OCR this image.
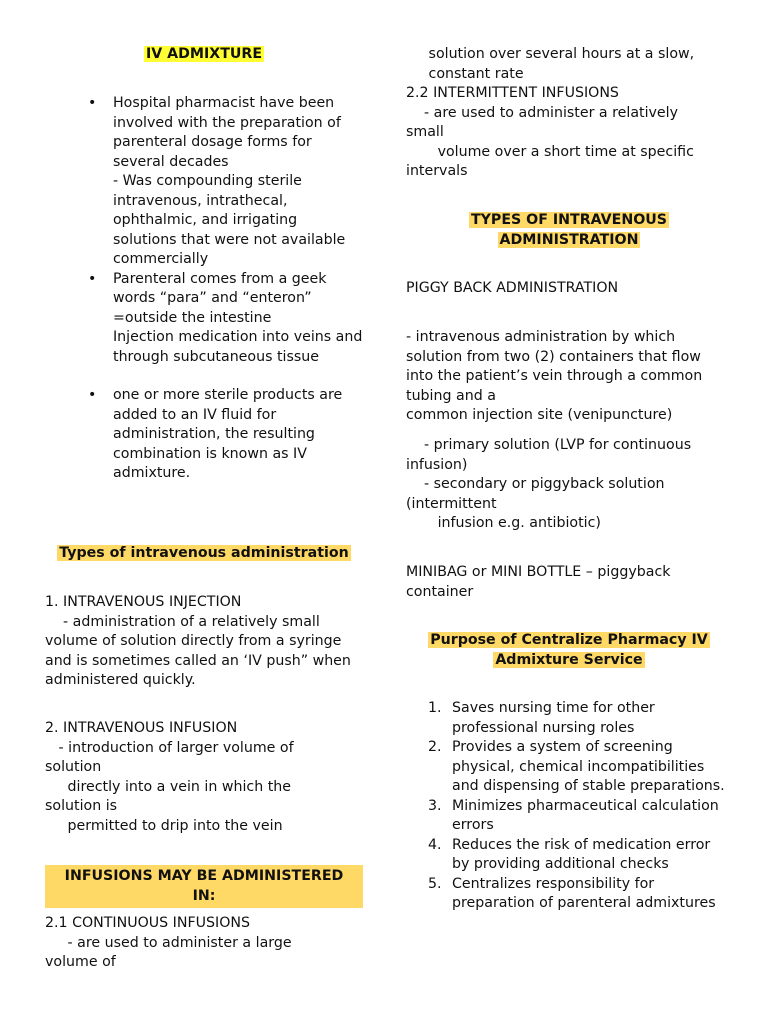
IV ADMIXTURE
• Hospital pharmacist have been involved with the preparation of parenteral dosage forms for several decades
- Was compounding sterile intravenous, intrathecal, ophthalmic, and irrigating solutions that were not available commercially
• Parenteral comes from a geek words “para” and “enteron” =outside the intestine
Injection medication into veins and through subcutaneous tissue
• one or more sterile products are added to an IV fluid for administration, the resulting combination is known as IV admixture.
Types of intravenous administration
1. INTRAVENOUS INJECTION
- administration of a relatively small volume of solution directly from a syringe and is sometimes called an ‘IV push” when     administered quickly.
2. INTRAVENOUS INFUSION
- introduction of larger volume of
solution
directly into a vein in which the
solution is
permitted to drip into the vein
INFUSIONS MAY BE ADMINISTERED IN:
2.1 CONTINUOUS INFUSIONS
- are used to administer a large
volume of
solution over several hours at a slow,
constant rate
2.2 INTERMITTENT INFUSIONS
- are used to administer a relatively
small
volume over a short time at specific
intervals
TYPES OF INTRAVENOUS
ADMINISTRATION
PIGGY BACK ADMINISTRATION
- intravenous administration by which solution from two (2) containers that flow into the patient’s vein through a common tubing and a
common injection site (venipuncture)
- primary solution (LVP for continuous
infusion)
- secondary or piggyback solution
(intermittent
infusion e.g. antibiotic)
MINIBAG or MINI BOTTLE – piggyback container
Purpose of Centralize Pharmacy IV
Admixture Service
1. Saves nursing time for other professional nursing roles
2. Provides a system of screening physical, chemical incompatibilities and dispensing of stable preparations.
3. Minimizes pharmaceutical calculation errors
4. Reduces the risk of medication error by providing additional checks
5. Centralizes responsibility for preparation of parenteral admixtures
